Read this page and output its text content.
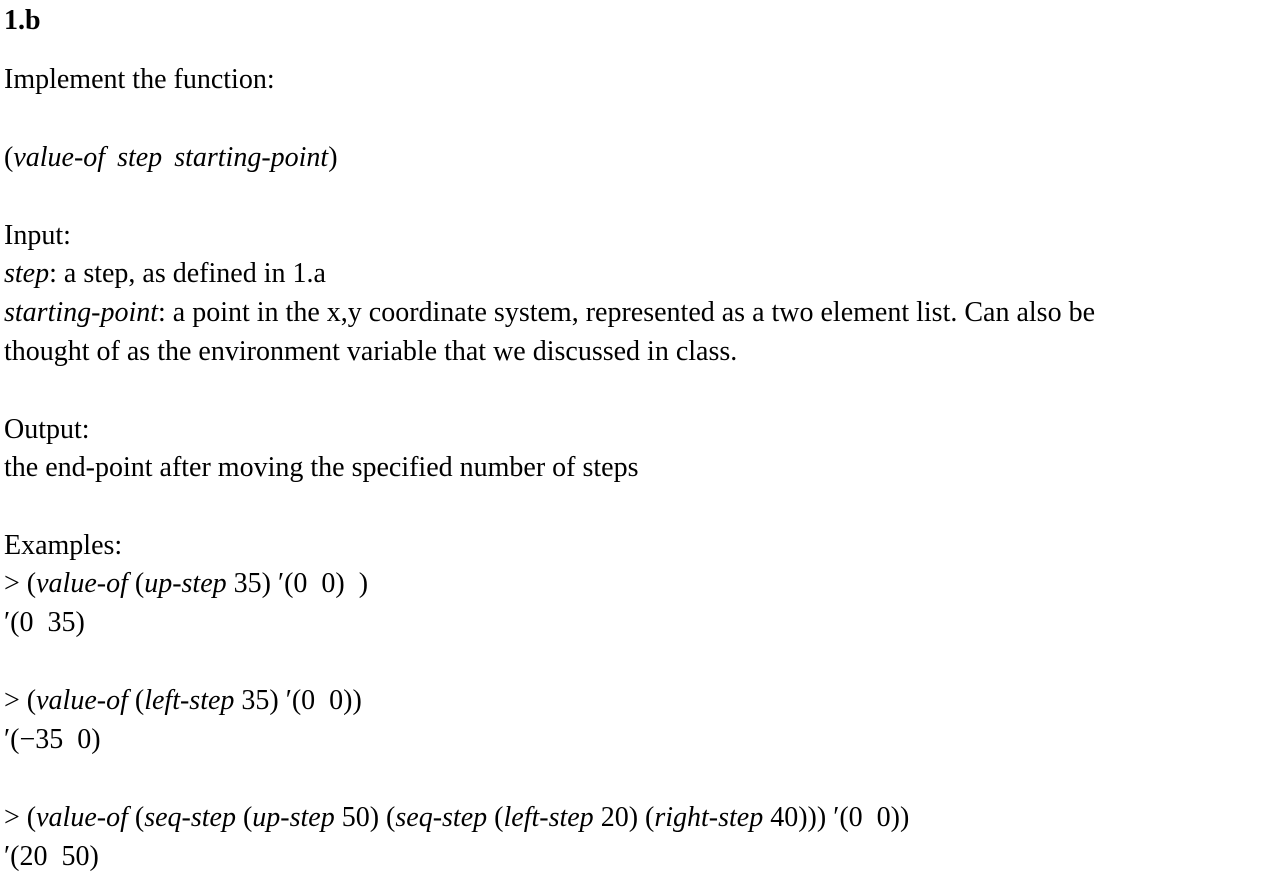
1.b
Implement the function:
(value-of step starting-point)
Input:
step: a step, as defined in 1.a
starting-point: a point in the x,y coordinate system, represented as a two element list. Can also be
thought of as the environment variable that we discussed in class.
Output:
the end-point after moving the specified number of steps
Examples:
> (value-of (up-step 35) ′(0  0)  )
′(0  35)
> (value-of (left-step 35) ′(0  0))
′(−35  0)
> (value-of (seq-step (up-step 50) (seq-step (left-step 20) (right-step 40))) ′(0  0))
′(20  50)
